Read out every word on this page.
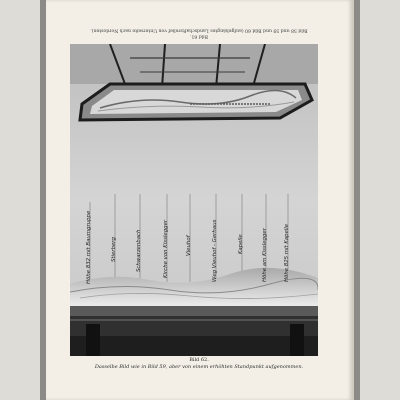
Bild 61.
Bild 58 und 59 und Bild 60 (aufgehängtes Landschaftsrelief von Unterseite nach Nordosten).
Höhe 832 mit Baumgruppe	Stierberg	Schwarzenbach	Kirche von Kisslegger	Vieuhof	Weg Vieuhof - Gerhaus	Kapelle	Höhe am Kisslegger	Höhe 825 mit Kapelle
Bild 62.
Dasselbe Bild wie in Bild 59, aber von einem erhöhten Standpunkt aufgenommen.
